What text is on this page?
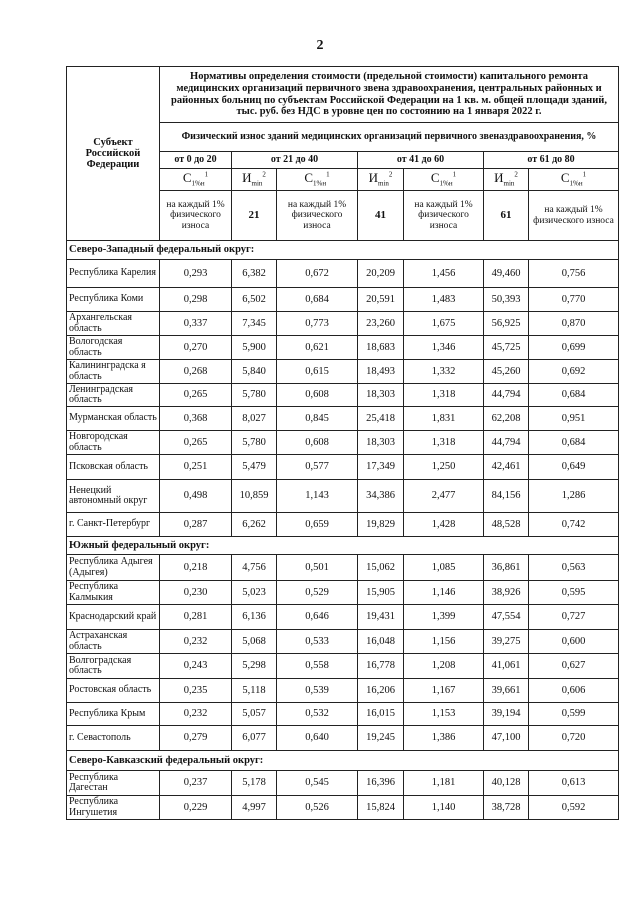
2
Субъект Российской Федерации	Нормативы определения стоимости (предельной стоимости) капитального ремонта медицинских организаций первичного звена здравоохранения, центральных районных и районных больниц по субъектам Российской Федерации на 1 кв. м. общей площади зданий, тыс. руб. без НДС в уровне цен по состоянию на 1 января 2022 г.						
	Физический износ зданий медицинских организаций первичного звеназдравоохранения, %						
	от 0 до 20	от 21 до 40		от 41 до 60		от 61 до 80	
	$С_{1\%н}^1$	$И_{min}^2$	$С_{1\%н}^1$	$И_{min}^2$	$С_{1\%н}^1$	$И_{min}^2$	$С_{1\%н}^1$
	на каждый 1% физического износа	21	на каждый 1% физического износа	41	на каждый 1% физического износа	61	на каждый 1% физического износа
Северо-Западный федеральный округ:							
Республика Карелия	0,293	6,382	0,672	20,209	1,456	49,460	0,756
Республика Коми	0,298	6,502	0,684	20,591	1,483	50,393	0,770
Архангельская область	0,337	7,345	0,773	23,260	1,675	56,925	0,870
Вологодская область	0,270	5,900	0,621	18,683	1,346	45,725	0,699
Калининградска я область	0,268	5,840	0,615	18,493	1,332	45,260	0,692
Ленинградская область	0,265	5,780	0,608	18,303	1,318	44,794	0,684
Мурманская область	0,368	8,027	0,845	25,418	1,831	62,208	0,951
Новгородская область	0,265	5,780	0,608	18,303	1,318	44,794	0,684
Псковская область	0,251	5,479	0,577	17,349	1,250	42,461	0,649
Ненецкий автономный округ	0,498	10,859	1,143	34,386	2,477	84,156	1,286
г. Санкт-Петербург	0,287	6,262	0,659	19,829	1,428	48,528	0,742
Южный федеральный округ:							
Республика Адыгея (Адыгея)	0,218	4,756	0,501	15,062	1,085	36,861	0,563
Республика Калмыкия	0,230	5,023	0,529	15,905	1,146	38,926	0,595
Краснодарский край	0,281	6,136	0,646	19,431	1,399	47,554	0,727
Астраханская область	0,232	5,068	0,533	16,048	1,156	39,275	0,600
Волгоградская область	0,243	5,298	0,558	16,778	1,208	41,061	0,627
Ростовская область	0,235	5,118	0,539	16,206	1,167	39,661	0,606
Республика Крым	0,232	5,057	0,532	16,015	1,153	39,194	0,599
г. Севастополь	0,279	6,077	0,640	19,245	1,386	47,100	0,720
Северо-Кавказский федеральный округ:							
Республика Дагестан	0,237	5,178	0,545	16,396	1,181	40,128	0,613
Республика Ингушетия	0,229	4,997	0,526	15,824	1,140	38,728	0,592
